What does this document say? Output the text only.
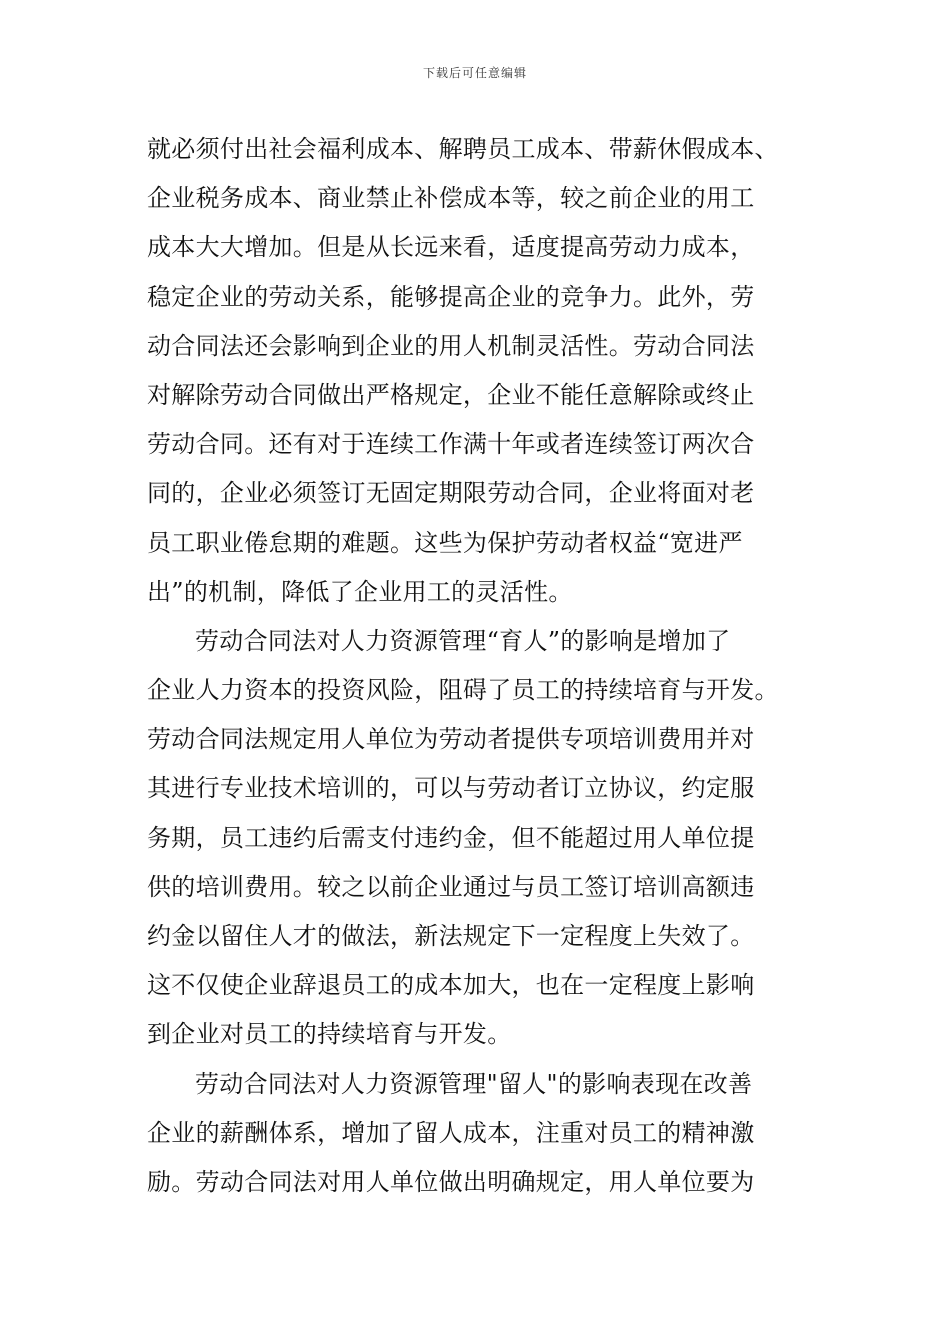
下载后可任意编辑
就必须付出社会福利成本、解聘员工成本、带薪休假成本、
企业税务成本、商业禁止补偿成本等，较之前企业的用工
成本大大增加。但是从长远来看，适度提高劳动力成本，
稳定企业的劳动关系，能够提高企业的竞争力。此外，劳
动合同法还会影响到企业的用人机制灵活性。劳动合同法
对解除劳动合同做出严格规定，企业不能任意解除或终止
劳动合同。还有对于连续工作满十年或者连续签订两次合
同的，企业必须签订无固定期限劳动合同，企业将面对老
员工职业倦怠期的难题。这些为保护劳动者权益“宽进严
出”的机制，降低了企业用工的灵活性。
劳动合同法对人力资源管理“育人”的影响是增加了
企业人力资本的投资风险，阻碍了员工的持续培育与开发。
劳动合同法规定用人单位为劳动者提供专项培训费用并对
其进行专业技术培训的，可以与劳动者订立协议，约定服
务期，员工违约后需支付违约金，但不能超过用人单位提
供的培训费用。较之以前企业通过与员工签订培训高额违
约金以留住人才的做法，新法规定下一定程度上失效了。
这不仅使企业辞退员工的成本加大，也在一定程度上影响
到企业对员工的持续培育与开发。
劳动合同法对人力资源管理"留人"的影响表现在改善
企业的薪酬体系，增加了留人成本，注重对员工的精神激
励。劳动合同法对用人单位做出明确规定，用人单位要为
